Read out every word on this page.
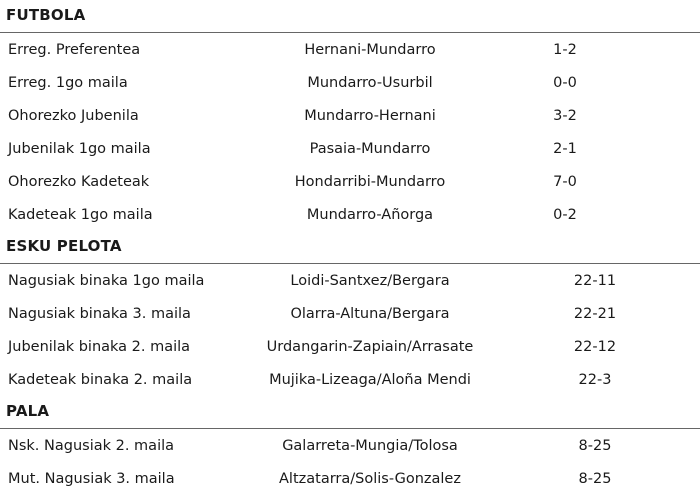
FUTBOLA
Erreg. Preferentea	Hernani-Mundarro	1-2
Erreg. 1go maila	Mundarro-Usurbil	0-0
Ohorezko Jubenila	Mundarro-Hernani	3-2
Jubenilak 1go maila	Pasaia-Mundarro	2-1
Ohorezko Kadeteak	Hondarribi-Mundarro	7-0
Kadeteak 1go maila	Mundarro-Añorga	0-2
ESKU PELOTA
Nagusiak binaka 1go maila	Loidi-Santxez/Bergara	22-11
Nagusiak binaka 3. maila	Olarra-Altuna/Bergara	22-21
Jubenilak binaka 2. maila	Urdangarin-Zapiain/Arrasate	22-12
Kadeteak binaka 2. maila	Mujika-Lizeaga/Aloña Mendi	22-3
PALA
Nsk. Nagusiak 2. maila	Galarreta-Mungia/Tolosa	8-25
Mut. Nagusiak 3. maila	Altzatarra/Solis-Gonzalez	8-25
